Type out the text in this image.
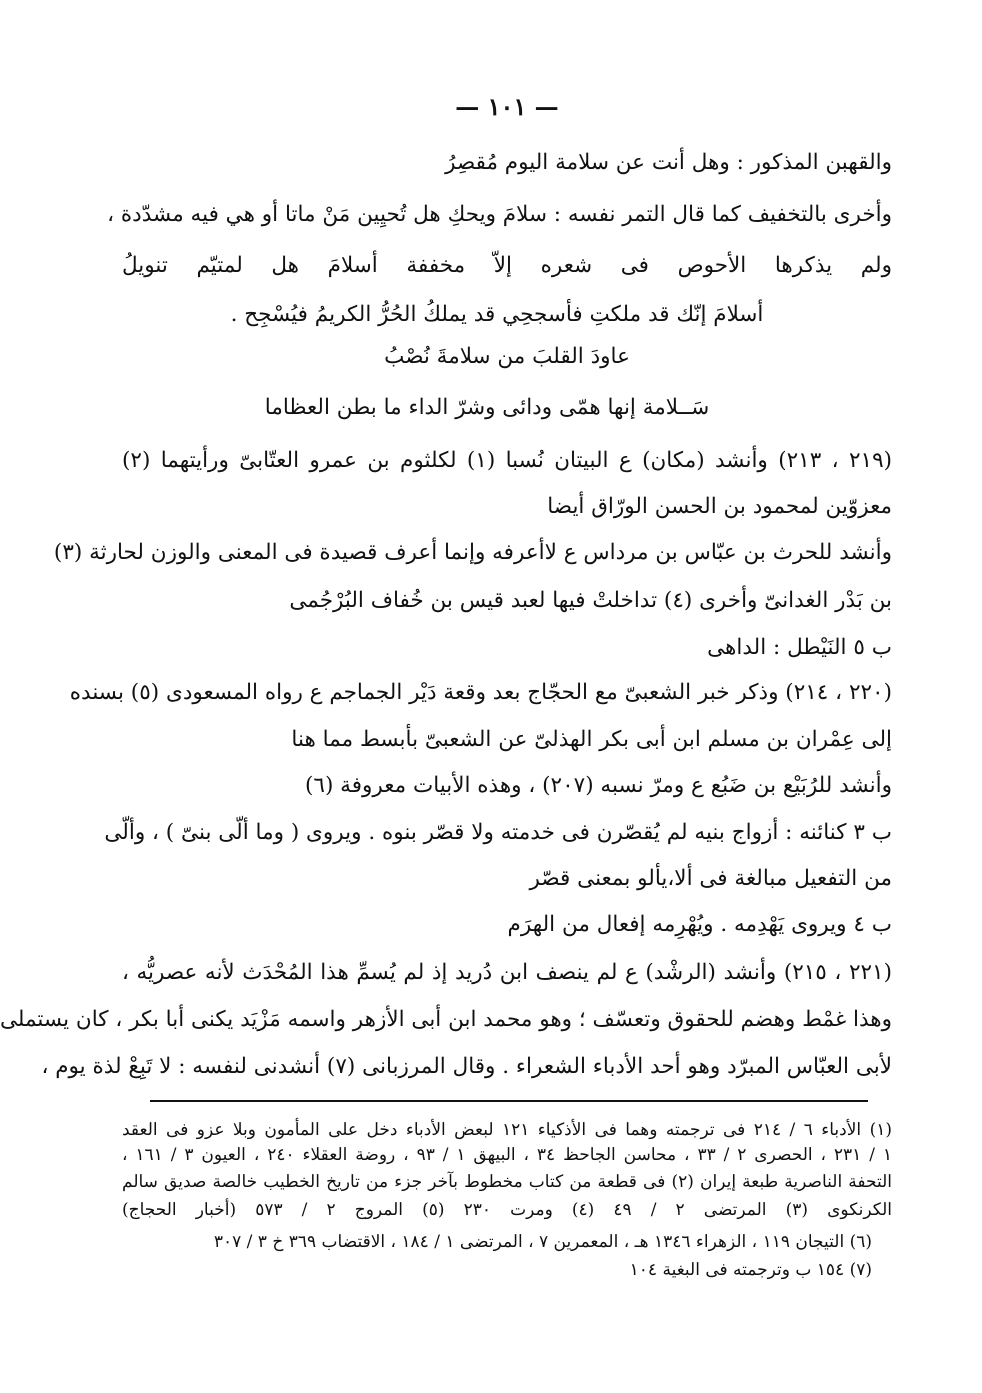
— ١٠١ —
والقهبن المذكور : وهل أنت عن سلامة اليوم مُقصِرُ
وأخرى بالتخفيف كما قال التمر نفسه : سلامَ ويحكِ هل تُحيِين مَنْ ماتا أو هي فيه مشدّدة ،
ولم يذكرها الأحوص فى شعره إلاّ مخففة أسلامَ هل لمتيّم تنويلُ
أسلامَ إنّك قد ملكتِ فأسجحِي قد يملكُ الحُرُّ الكريمُ فيُسْجِح .
عاودَ القلبَ من سلامةَ نُصْبُ
سَــلامة إنها همّى ودائى وشرّ الداء ما بطن العظاما
(٢١٩ ، ٢١٣) وأنشد (مكان) ع البيتان نُسبا (١) لكلثوم بن عمرو العتّابىّ ورأيتهما (٢)
معزوّين لمحمود بن الحسن الورّاق أيضا
وأنشد للحرث بن عبّاس بن مرداس ع لاأعرفه وإنما أعرف قصيدة فى المعنى والوزن لحارثة (٣)
بن بَدْر الغدانىّ وأخرى (٤) تداخلتْ فيها لعبد قيس بن خُفاف البُرْجُمى
ب ٥ النَيْطل : الداهى
(٢٢٠ ، ٢١٤) وذكر خبر الشعبىّ مع الحجّاج بعد وقعة دَيْر الجماجم ع رواه المسعودى (٥) بسنده
إلى عِمْران بن مسلم ابن أبى بكر الهذلىّ عن الشعبىّ بأبسط مما هنا
وأنشد للرُبَيْع بن ضَبُع ع ومرّ نسبه (٢٠٧) ، وهذه الأبيات معروفة (٦)
ب ٣ كنائنه : أزواج بنيه لم يُقصّرن فى خدمته ولا قصّر بنوه . ويروى ( وما ألّى بنىّ ) ، وألّى
من التفعيل مبالغة فى ألا،يألو بمعنى قصّر
ب ٤ ويروى يَهْدِمه . ويُهْرِمه إفعال من الهرَم
(٢٢١ ، ٢١٥) وأنشد (الرشْد) ع لم ينصف ابن دُريد إذ لم يُسمِّ هذا المُحْدَث لأنه عصريُّه ،
وهذا غمْط وهضم للحقوق وتعسّف ؛ وهو محمد ابن أبى الأزهر واسمه مَزْيَد يكنى أبا بكر ، كان يستملى
لأبى العبّاس المبرّد وهو أحد الأدباء الشعراء . وقال المرزبانى (٧) أنشدنى لنفسه : لا تَبِعْ لذة يوم ،
(١) الأدباء ٦ / ٢١٤ فى ترجمته وهما فى الأذكياء ١٢١ لبعض الأدباء دخل على المأمون وبلا عزو فى العقد
١ / ٢٣١ ، الحصرى ٢ / ٣٣ ، محاسن الجاحظ ٣٤ ، البيهق ١ / ٩٣ ، روضة العقلاء ٢٤٠ ، العيون ٣ / ١٦١ ،
التحفة الناصرية طبعة إيران (٢) فى قطعة من كتاب مخطوط بآخر جزء من تاريخ الخطيب خالصة صديق سالم
الكرنكوى (٣) المرتضى ٢ / ٤٩ (٤) ومرت ٢٣٠ (٥) المروج ٢ / ٥٧٣ (أخبار الحجاج)
(٦) التيجان ١١٩ ، الزهراء ١٣٤٦ هـ ، المعمرين ٧ ، المرتضى ١ / ١٨٤ ، الاقتضاب ٣٦٩ خ ٣ / ٣٠٧
(٧) ١٥٤ ب وترجمته فى البغية ١٠٤
